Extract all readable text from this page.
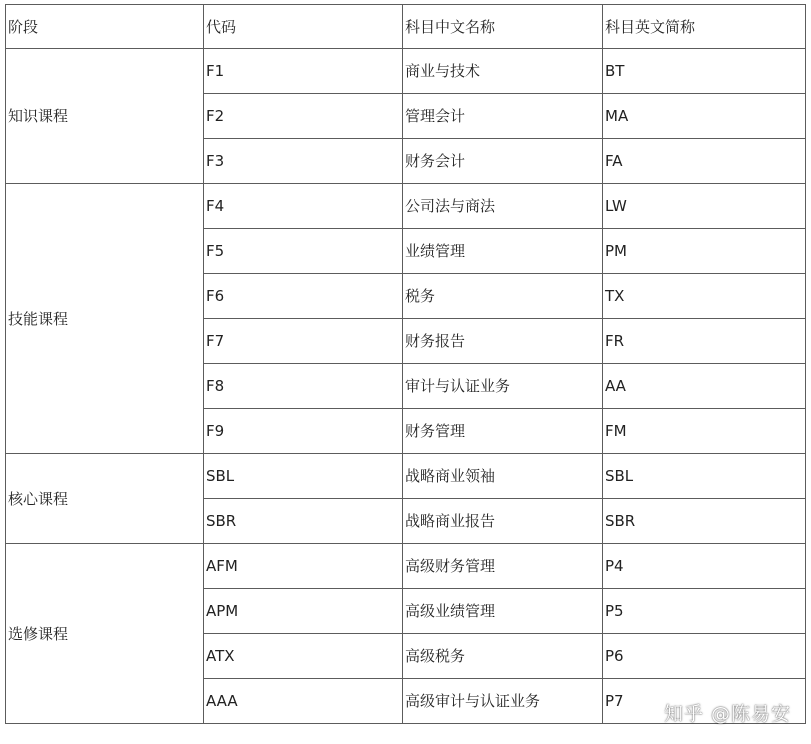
阶段	代码	科目中文名称	科目英文简称
知识课程	F1	商业与技术	BT
	F2	管理会计	MA
	F3	财务会计	FA
技能课程	F4	公司法与商法	LW
	F5	业绩管理	PM
	F6	税务	TX
	F7	财务报告	FR
	F8	审计与认证业务	AA
	F9	财务管理	FM
核心课程	SBL	战略商业领袖	SBL
	SBR	战略商业报告	SBR
选修课程	AFM	高级财务管理	P4
	APM	高级业绩管理	P5
	ATX	高级税务	P6
	AAA	高级审计与认证业务	P7
知乎 @陈易安
